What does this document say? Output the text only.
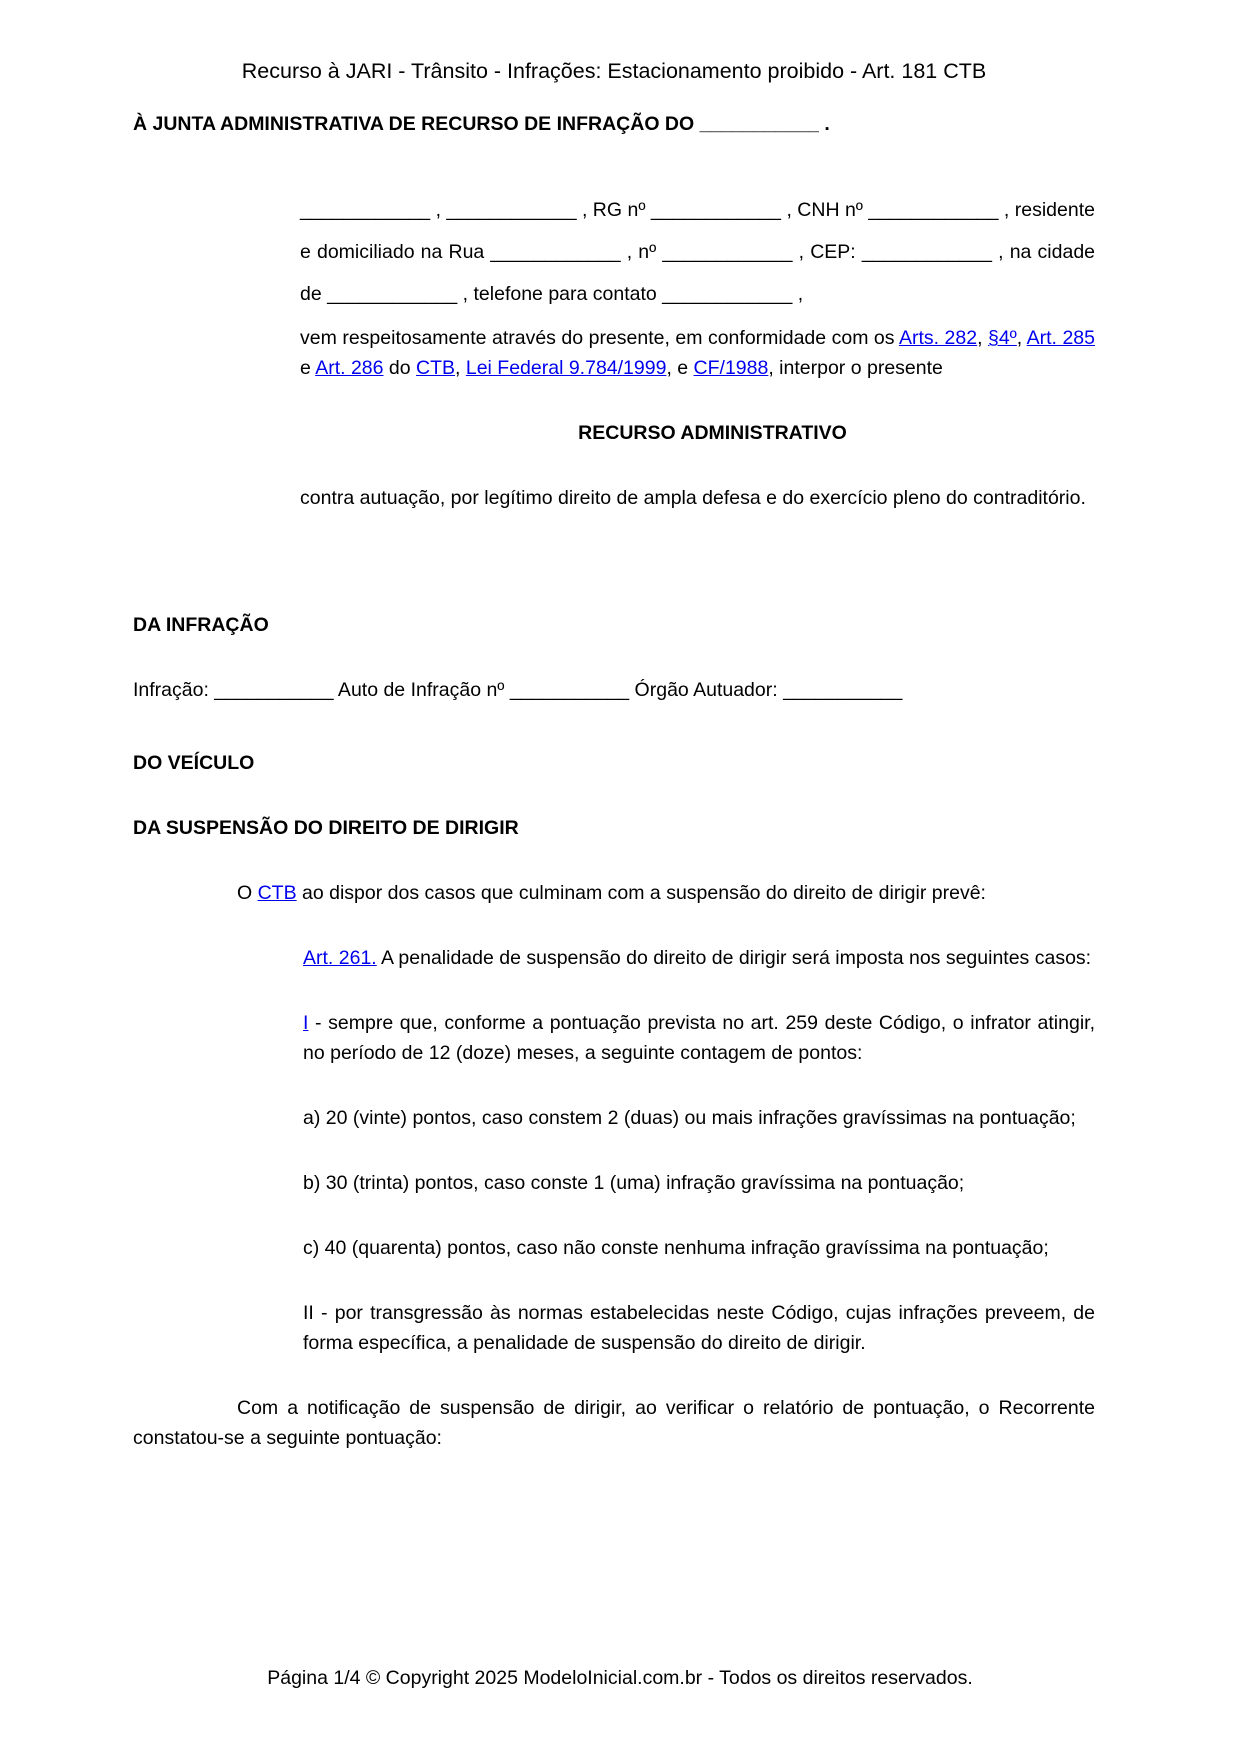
Recurso à JARI - Trânsito - Infrações: Estacionamento proibido - Art. 181 CTB

À JUNTA ADMINISTRATIVA DE RECURSO DE INFRAÇÃO DO ___________ .

____________ , ____________ , RG nº ____________ , CNH nº ____________ , residente e domiciliado na Rua ____________ , nº ____________ , CEP: ____________ , na cidade de ____________ , telefone para contato ____________ ,

vem respeitosamente através do presente, em conformidade com os Arts. 282, §4º, Art. 285 e Art. 286 do CTB, Lei Federal 9.784/1999, e CF/1988, interpor o presente

RECURSO ADMINISTRATIVO

contra autuação, por legítimo direito de ampla defesa e do exercício pleno do contraditório.

DA INFRAÇÃO

Infração: ___________ Auto de Infração nº ___________ Órgão Autuador: ___________

DO VEÍCULO

DA SUSPENSÃO DO DIREITO DE DIRIGIR

O CTB ao dispor dos casos que culminam com a suspensão do direito de dirigir prevê:

Art. 261. A penalidade de suspensão do direito de dirigir será imposta nos seguintes casos:

I - sempre que, conforme a pontuação prevista no art. 259 deste Código, o infrator atingir, no período de 12 (doze) meses, a seguinte contagem de pontos:

a) 20 (vinte) pontos, caso constem 2 (duas) ou mais infrações gravíssimas na pontuação;

b) 30 (trinta) pontos, caso conste 1 (uma) infração gravíssima na pontuação;

c) 40 (quarenta) pontos, caso não conste nenhuma infração gravíssima na pontuação;

II - por transgressão às normas estabelecidas neste Código, cujas infrações preveem, de forma específica, a penalidade de suspensão do direito de dirigir.

Com a notificação de suspensão de dirigir, ao verificar o relatório de pontuação, o Recorrente constatou-se a seguinte pontuação:

Página 1/4 © Copyright 2025 ModeloInicial.com.br - Todos os direitos reservados.
